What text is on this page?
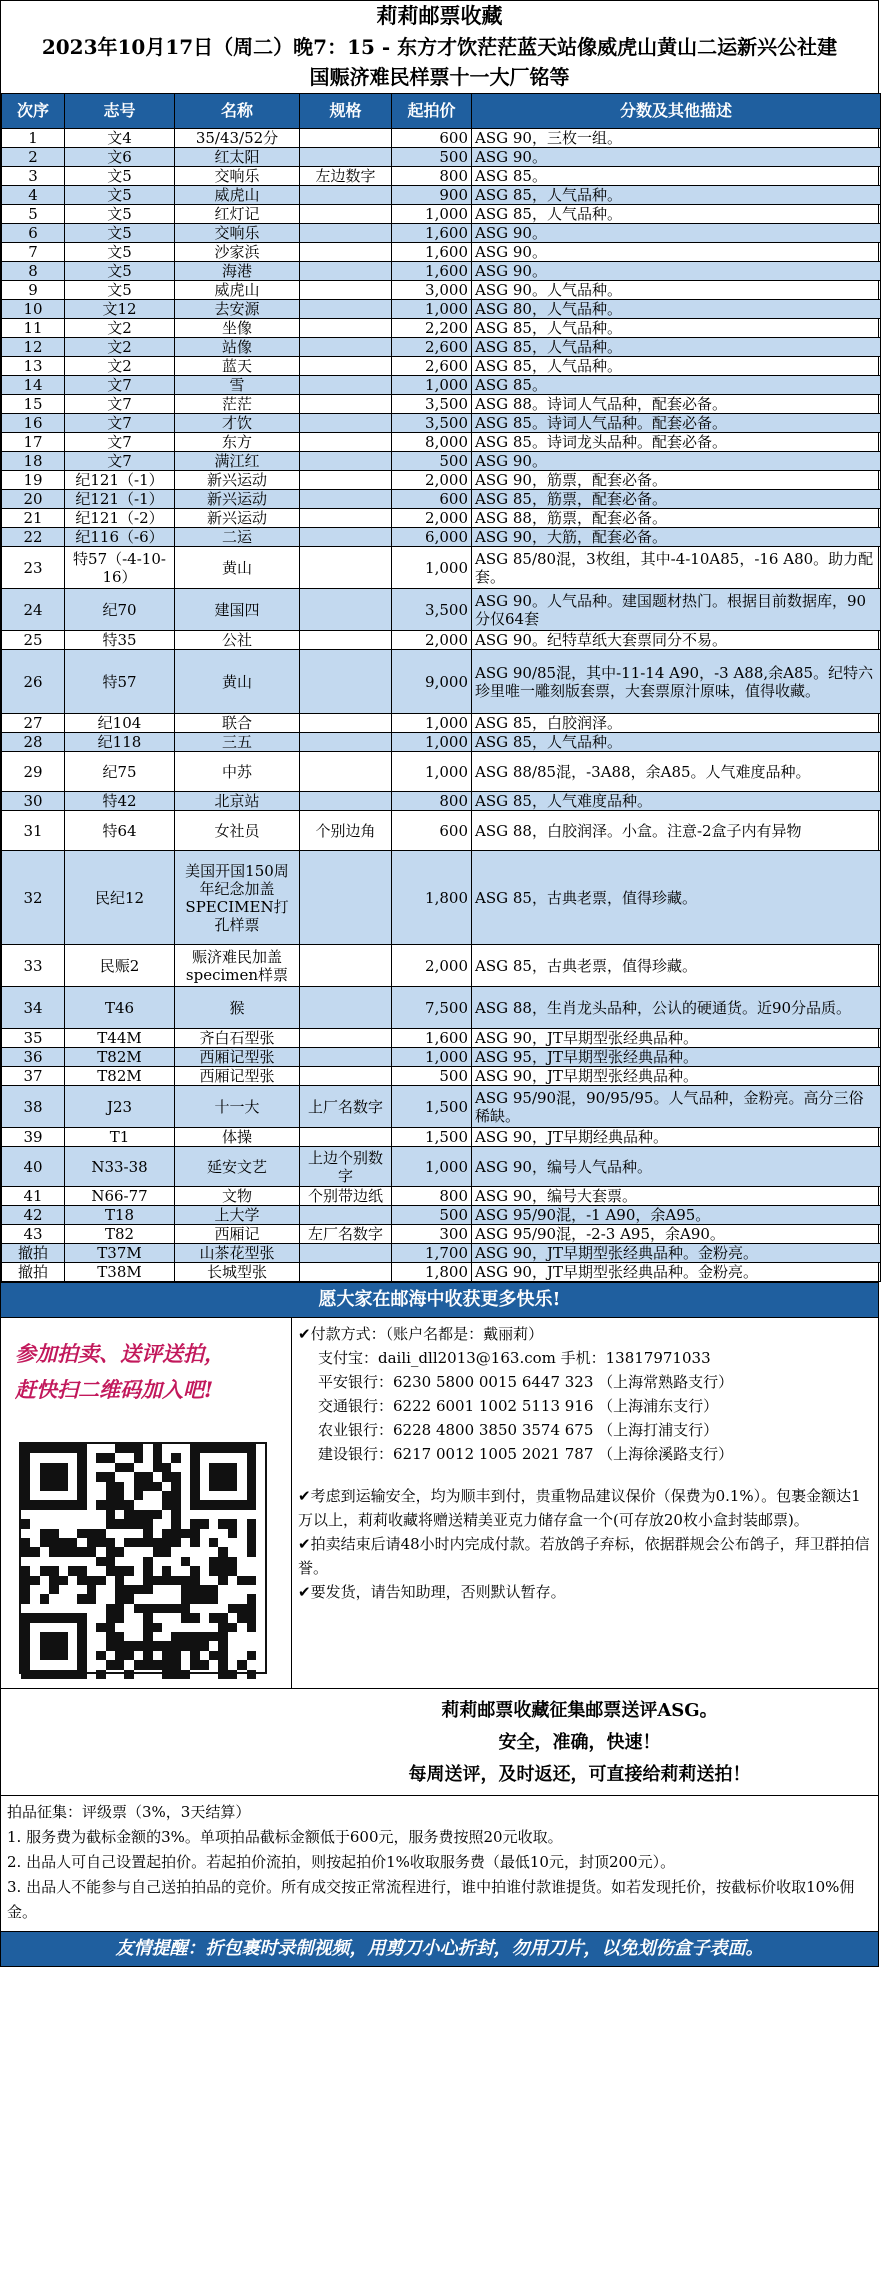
莉莉邮票收藏
2023年10月17日（周二）晚7：15 - 东方才饮茫茫蓝天站像威虎山黄山二运新兴公社建
国赈济难民样票十一大厂铭等
次序	志号	名称	规格	起拍价	分数及其他描述
1	文4	35/43/52分		600	ASG 90，三枚一组。
2	文6	红太阳		500	ASG 90。
3	文5	交响乐	左边数字	800	ASG 85。
4	文5	威虎山		900	ASG 85，人气品种。
5	文5	红灯记		1,000	ASG 85，人气品种。
6	文5	交响乐		1,600	ASG 90。
7	文5	沙家浜		1,600	ASG 90。
8	文5	海港		1,600	ASG 90。
9	文5	威虎山		3,000	ASG 90。人气品种。
10	文12	去安源		1,000	ASG 80，人气品种。
11	文2	坐像		2,200	ASG 85，人气品种。
12	文2	站像		2,600	ASG 85，人气品种。
13	文2	蓝天		2,600	ASG 85，人气品种。
14	文7	雪		1,000	ASG 85。
15	文7	茫茫		3,500	ASG 88。诗词人气品种，配套必备。
16	文7	才饮		3,500	ASG 85。诗词人气品种。配套必备。
17	文7	东方		8,000	ASG 85。诗词龙头品种。配套必备。
18	文7	满江红		500	ASG 90。
19	纪121（-1）	新兴运动		2,000	ASG 90，筋票，配套必备。
20	纪121（-1）	新兴运动		600	ASG 85，筋票，配套必备。
21	纪121（-2）	新兴运动		2,000	ASG 88，筋票，配套必备。
22	纪116（-6）	二运		6,000	ASG 90，大筋，配套必备。
23	特57（-4-10-16）	黄山		1,000	ASG 85/80混，3枚组，其中-4-10A85，-16 A80。助力配套。
24	纪70	建国四		3,500	ASG 90。人气品种。建国题材热门。根据目前数据库，90分仅64套
25	特35	公社		2,000	ASG 90。纪特草纸大套票同分不易。
26	特57	黄山		9,000	ASG 90/85混，其中-11-14 A90，-3 A88,余A85。纪特六珍里唯一雕刻版套票，大套票原汁原味，值得收藏。
27	纪104	联合		1,000	ASG 85，白胶润泽。
28	纪118	三五		1,000	ASG 85，人气品种。
29	纪75	中苏		1,000	ASG 88/85混，-3A88，余A85。人气难度品种。
30	特42	北京站		800	ASG 85，人气难度品种。
31	特64	女社员	个别边角	600	ASG 88，白胶润泽。小盒。注意-2盒子内有异物
32	民纪12	美国开国150周年纪念加盖SPECIMEN打孔样票		1,800	ASG 85，古典老票，值得珍藏。
33	民赈2	赈济难民加盖specimen样票		2,000	ASG 85，古典老票，值得珍藏。
34	T46	猴		7,500	ASG 88，生肖龙头品种，公认的硬通货。近90分品质。
35	T44M	齐白石型张		1,600	ASG 90，JT早期型张经典品种。
36	T82M	西厢记型张		1,000	ASG 95，JT早期型张经典品种。
37	T82M	西厢记型张		500	ASG 90，JT早期型张经典品种。
38	J23	十一大	上厂名数字	1,500	ASG 95/90混，90/95/95。人气品种，金粉亮。高分三俗稀缺。
39	T1	体操		1,500	ASG 90，JT早期经典品种。
40	N33-38	延安文艺	上边个别数字	1,000	ASG 90，编号人气品种。
41	N66-77	文物	个别带边纸	800	ASG 90，编号大套票。
42	T18	上大学		500	ASG 95/90混，-1 A90，余A95。
43	T82	西厢记	左厂名数字	300	ASG 95/90混，-2-3 A95，余A90。
撤拍	T37M	山茶花型张		1,700	ASG 90，JT早期型张经典品种。金粉亮。
撤拍	T38M	长城型张		1,800	ASG 90，JT早期型张经典品种。金粉亮。
愿大家在邮海中收获更多快乐!
参加拍卖、送评送拍，
赶快扫二维码加入吧!
✔付款方式：（账户名都是：戴丽莉）
支付宝：daili_dll2013@163.com 手机：13817971033
平安银行：6230 5800 0015 6447 323 （上海常熟路支行）
交通银行：6222 6001 1002 5113 916 （上海浦东支行）
农业银行：6228 4800 3850 3574 675 （上海打浦支行）
建设银行：6217 0012 1005 2021 787 （上海徐溪路支行）
✔考虑到运输安全，均为顺丰到付，贵重物品建议保价（保费为0.1%）。包裹金额达1万以上，莉莉收藏将赠送精美亚克力储存盒一个(可存放20枚小盒封装邮票)。
✔拍卖结束后请48小时内完成付款。若放鸽子弃标，依据群规会公布鸽子，拜卫群拍信誉。
✔要发货，请告知助理，否则默认暂存。
莉莉邮票收藏征集邮票送评ASG。
安全，准确，快速！
每周送评，及时返还，可直接给莉莉送拍！
拍品征集：评级票（3%，3天结算）
1. 服务费为截标金额的3%。单项拍品截标金额低于600元，服务费按照20元收取。
2. 出品人可自己设置起拍价。若起拍价流拍，则按起拍价1%收取服务费（最低10元，封顶200元）。
3. 出品人不能参与自己送拍拍品的竞价。所有成交按正常流程进行，谁中拍谁付款谁提货。如若发现托价，按截标价收取10%佣金。
友情提醒：折包裹时录制视频，用剪刀小心折封，勿用刀片，以免划伤盒子表面。
